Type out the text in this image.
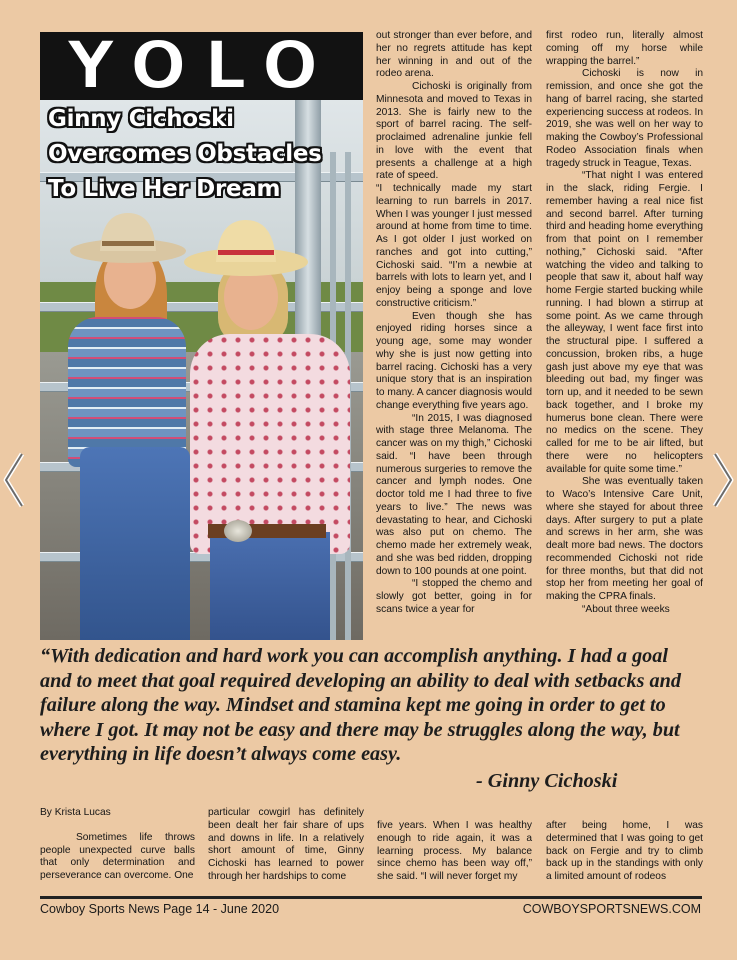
YOLO
Ginny Cichoski Overcomes Obstacles To Live Her Dream

out stronger than ever before, and her no regrets attitude has kept her winning in and out of the rodeo arena.

Cichoski is originally from Minnesota and moved to Texas in 2013. She is fairly new to the sport of barrel racing. The self-proclaimed adrenaline junkie fell in love with the event that presents a challenge at a high rate of speed.

“I technically made my start learning to run barrels in 2017. When I was younger I just messed around at home from time to time. As I got older I just worked on ranches and got into cutting,” Cichoski said. “I’m a newbie at barrels with lots to learn yet, and I enjoy being a sponge and love constructive criticism.”

Even though she has enjoyed riding horses since a young age, some may wonder why she is just now getting into barrel racing. Cichoski has a very unique story that is an inspiration to many. A cancer diagnosis would change everything five years ago.

“In 2015, I was diagnosed with stage three Melanoma. The cancer was on my thigh,” Cichoski said. “I have been through numerous surgeries to remove the cancer and lymph nodes. One doctor told me I had three to five years to live.” The news was devastating to hear, and Cichoski was also put on chemo. The chemo made her extremely weak, and she was bed ridden, dropping down to 100 pounds at one point.

“I stopped the chemo and slowly got better, going in for scans twice a year for

first rodeo run, literally almost coming off my horse while wrapping the barrel.”

Cichoski is now in remission, and once she got the hang of barrel racing, she started experiencing success at rodeos. In 2019, she was well on her way to making the Cowboy’s Professional Rodeo Association finals when tragedy struck in Teague, Texas.

“That night I was entered in the slack, riding Fergie. I remember having a real nice fist and second barrel. After turning third and heading home everything from that point on I remember nothing,” Cichoski said. “After watching the video and talking to people that saw it, about half way home Fergie started bucking while running. I had blown a stirrup at some point. As we came through the alleyway, I went face first into the structural pipe. I suffered a concussion, broken ribs, a huge gash just above my eye that was bleeding out bad, my finger was torn up, and it needed to be sewn back together, and I broke my humerus bone clean. There were no medics on the scene. They called for me to be air lifted, but there were no helicopters available for quite some time.”

She was eventually taken to Waco’s Intensive Care Unit, where she stayed for about three days. After surgery to put a plate and screws in her arm, she was dealt more bad news. The doctors recommended Cichoski not ride for three months, but that did not stop her from meeting her goal of making the CPRA finals.

“About three weeks

“With dedication and hard work you can accomplish anything. I had a goal and to meet that goal required developing an ability to deal with setbacks and failure along the way. Mindset and stamina kept me going in order to get to where I got. It may not be easy and there may be struggles along the way, but everything in life doesn’t always come easy.
- Ginny Cichoski

By Krista Lucas

Sometimes life throws people unexpected curve balls that only determination and perseverance can overcome. One

particular cowgirl has definitely been dealt her fair share of ups and downs in life. In a relatively short amount of time, Ginny Cichoski has learned to power through her hardships to come

five years. When I was healthy enough to ride again, it was a learning process. My balance since chemo has been way off,” she said. “I will never forget my

after being home, I was determined that I was going to get back on Fergie and try to climb back up in the standings with only a limited amount of rodeos

Cowboy Sports News Page 14 - June 2020	COWBOYSPORTSNEWS.COM
